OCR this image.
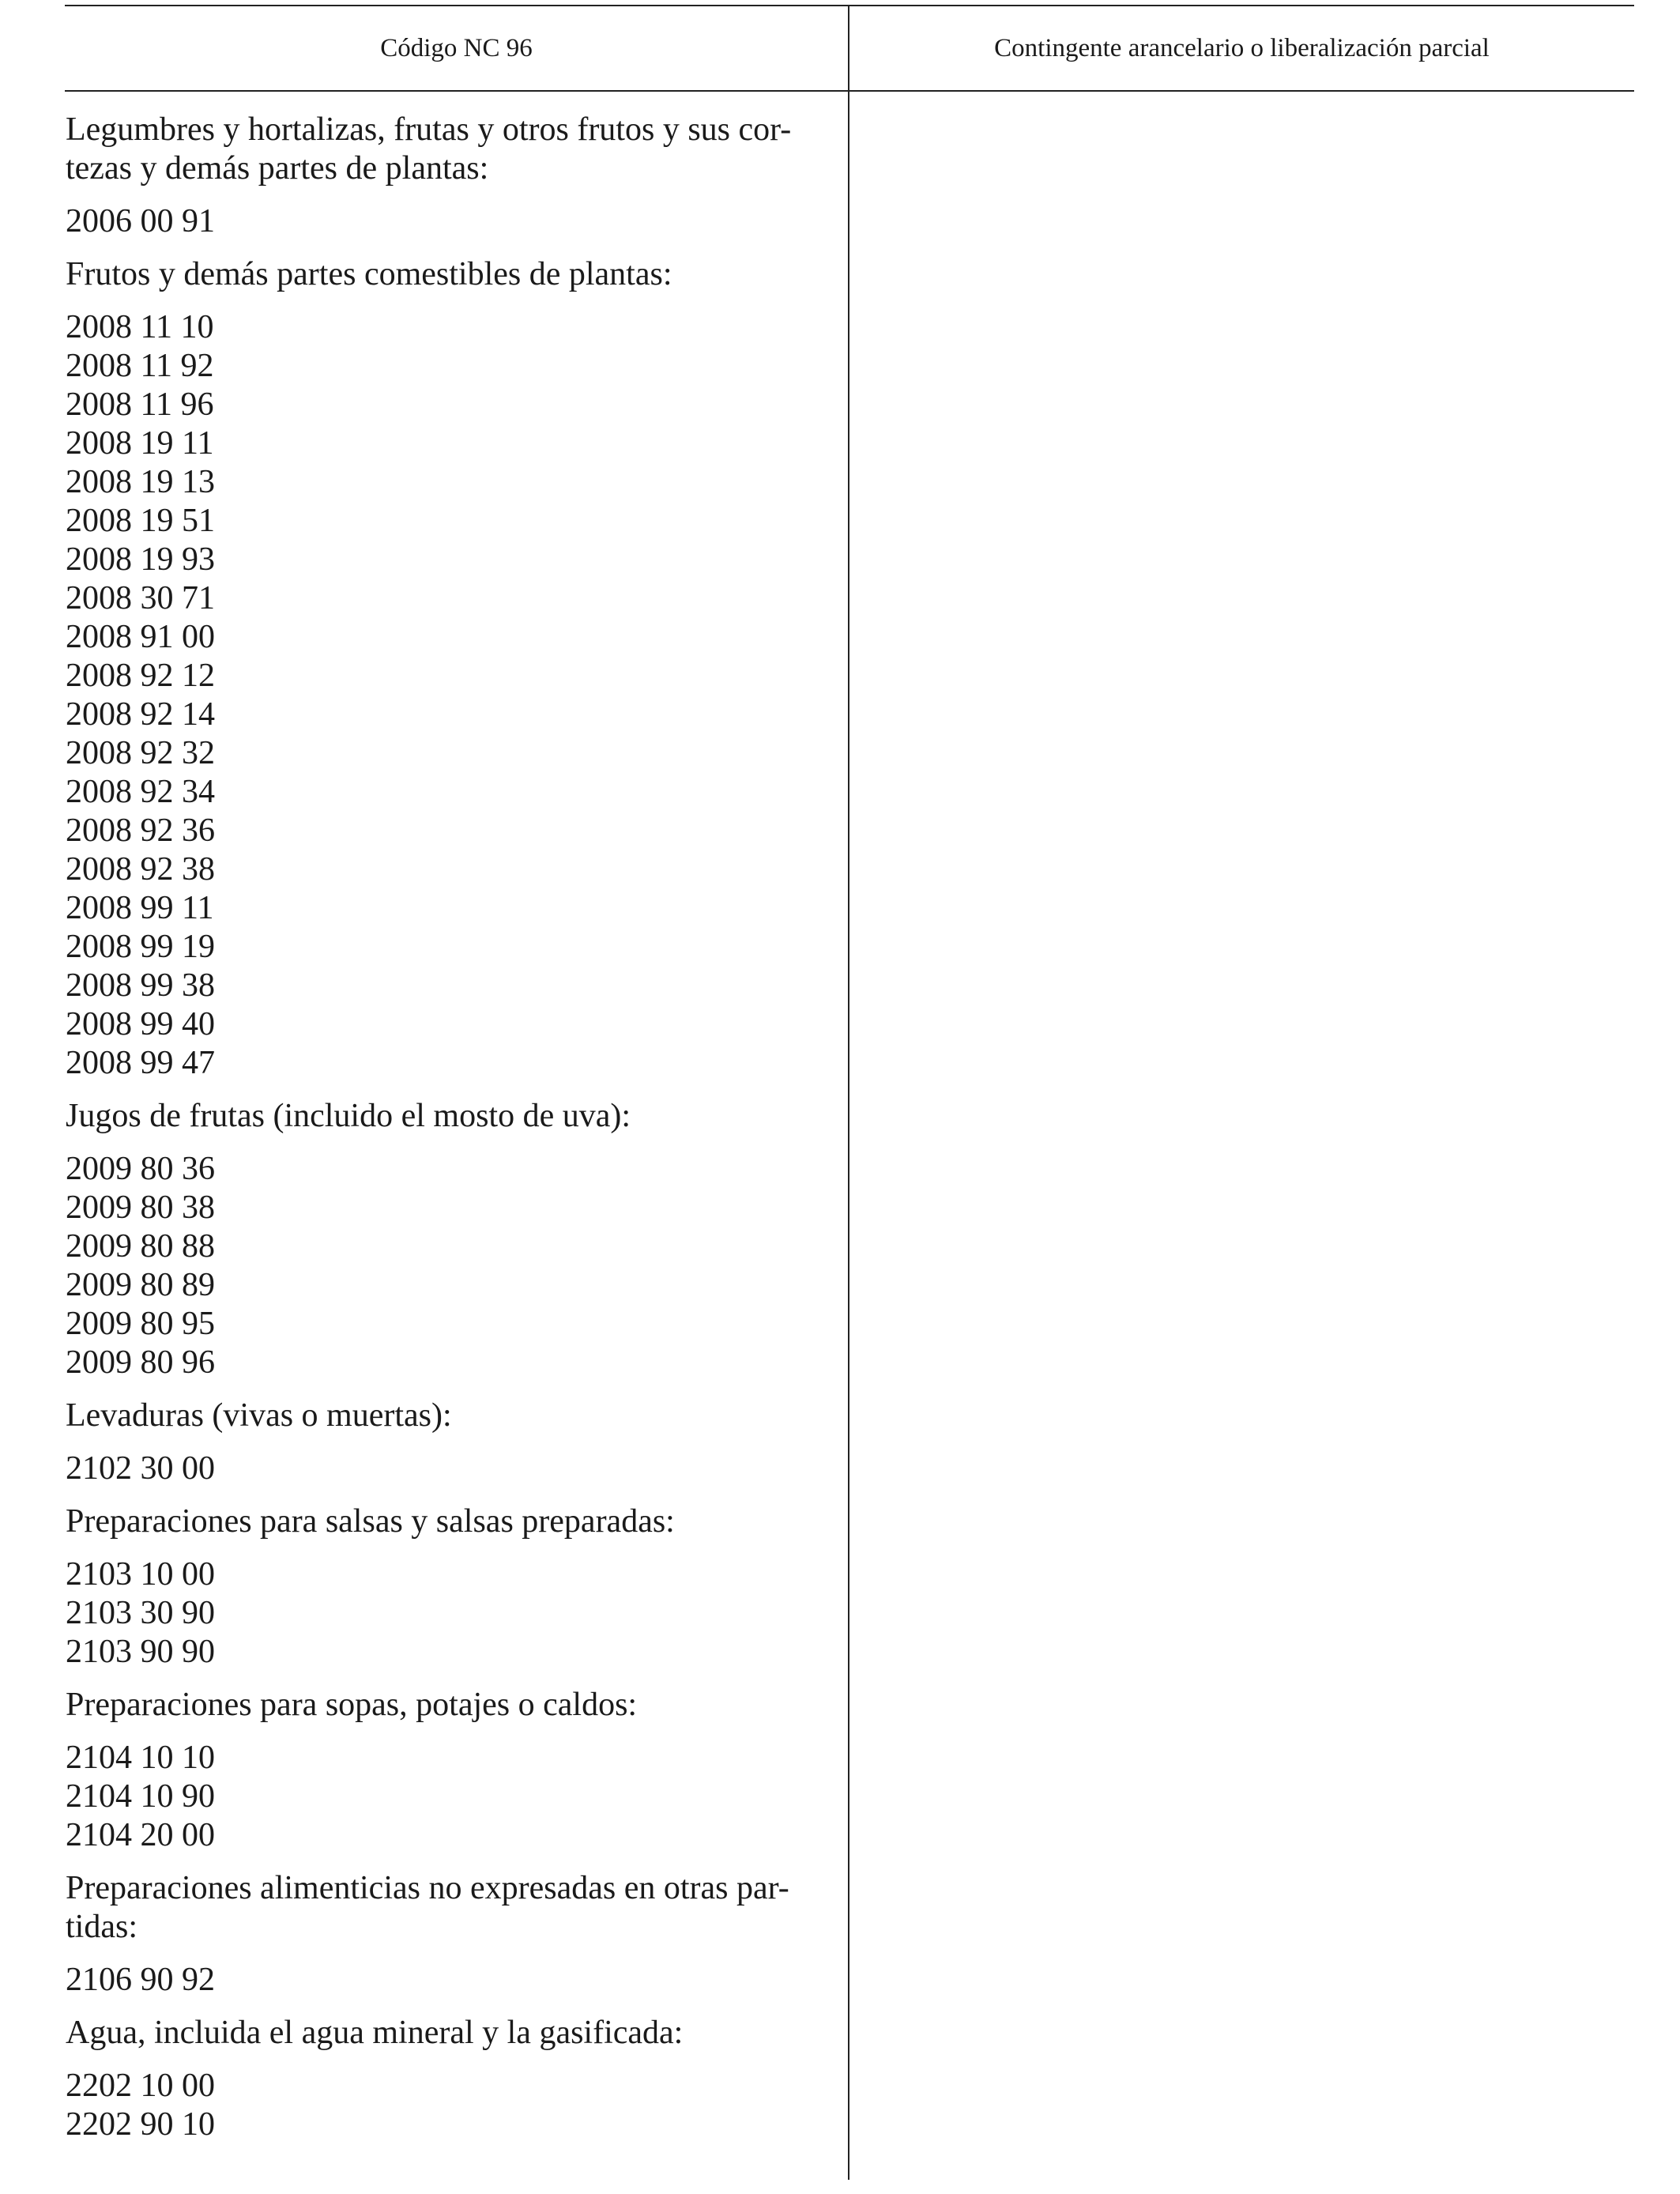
Código NC 96	Contingente arancelario o liberalización parcial
Legumbres y hortalizas, frutas y otros frutos y sus cor-
tezas y demás partes de plantas:
2006 00 91
Frutos y demás partes comestibles de plantas:
2008 11 10
2008 11 92
2008 11 96
2008 19 11
2008 19 13
2008 19 51
2008 19 93
2008 30 71
2008 91 00
2008 92 12
2008 92 14
2008 92 32
2008 92 34
2008 92 36
2008 92 38
2008 99 11
2008 99 19
2008 99 38
2008 99 40
2008 99 47
Jugos de frutas (incluido el mosto de uva):
2009 80 36
2009 80 38
2009 80 88
2009 80 89
2009 80 95
2009 80 96
Levaduras (vivas o muertas):
2102 30 00
Preparaciones para salsas y salsas preparadas:
2103 10 00
2103 30 90
2103 90 90
Preparaciones para sopas, potajes o caldos:
2104 10 10
2104 10 90
2104 20 00
Preparaciones alimenticias no expresadas en otras par-
tidas:
2106 90 92
Agua, incluida el agua mineral y la gasificada:
2202 10 00
2202 90 10
